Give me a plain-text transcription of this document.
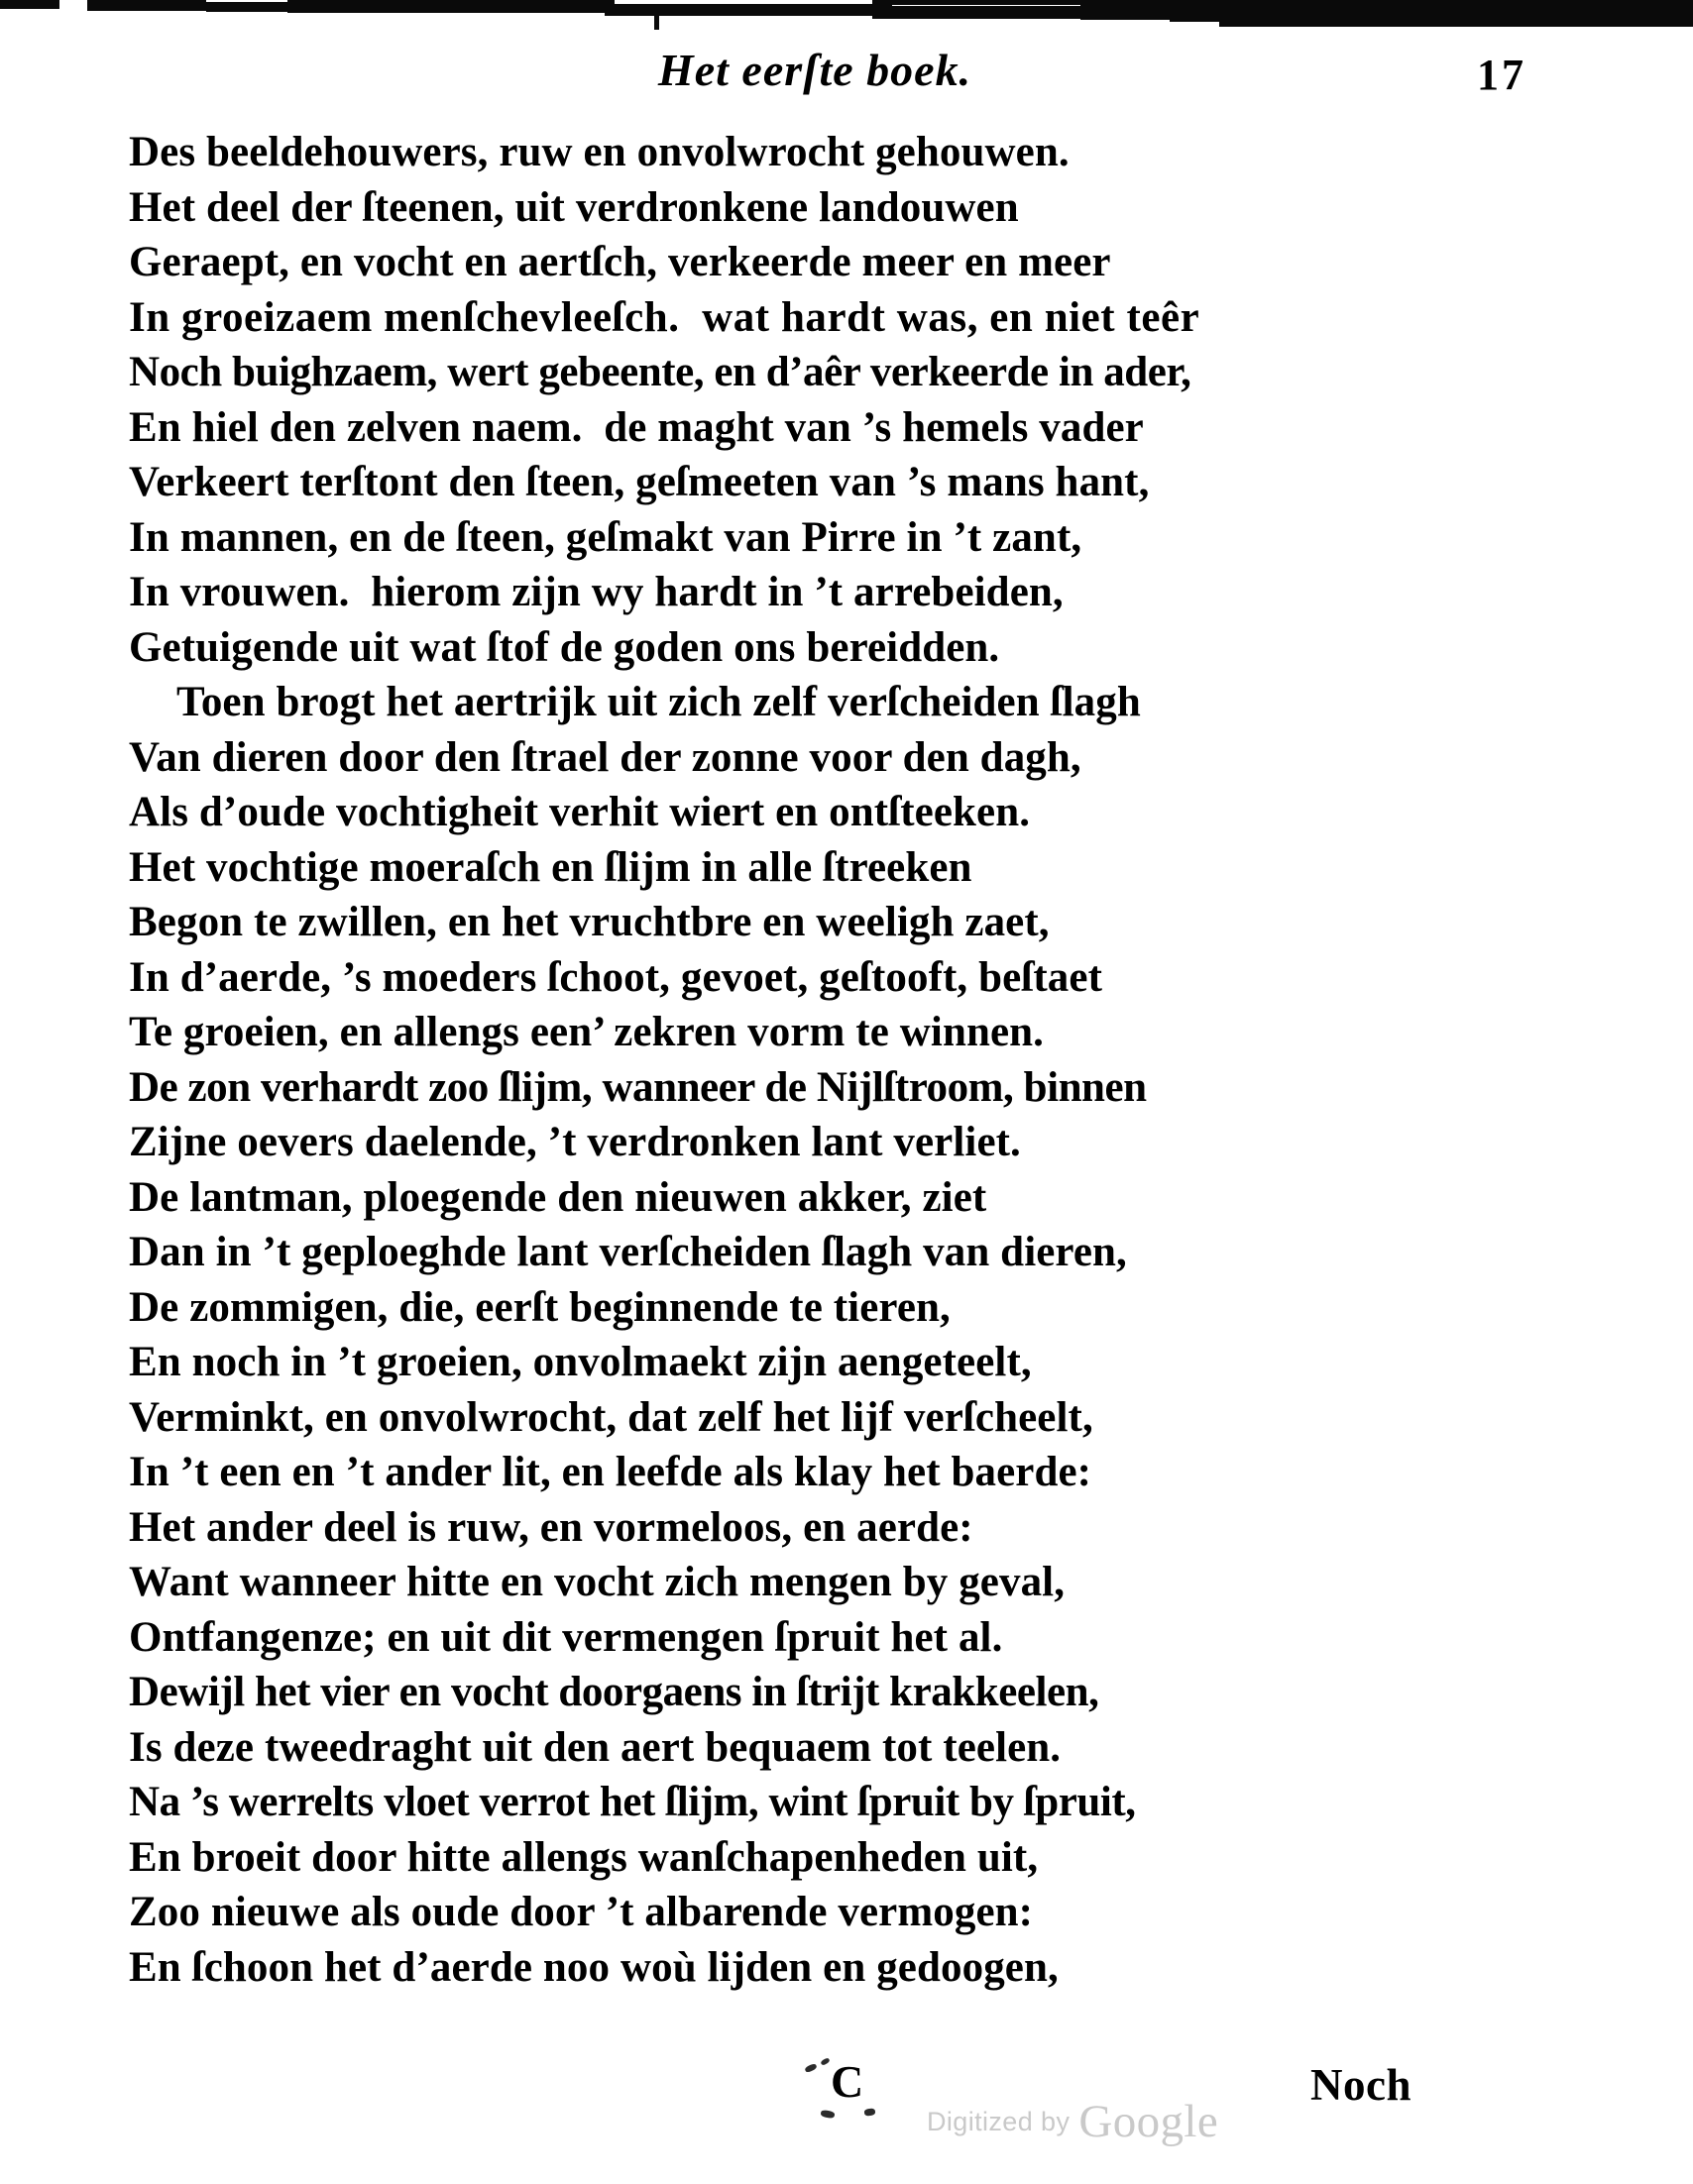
Het eerſte boek.	17
Des beeldehouwers, ruw en onvolwrocht gehouwen.
Het deel der ſteenen, uit verdronkene landouwen
Geraept, en vocht en aertſch, verkeerde meer en meer
In groeizaem menſchevleeſch.  wat hardt was, en niet teêr
Noch buighzaem, wert gebeente, en d’aêr verkeerde in ader,
En hiel den zelven naem.  de maght van ’s hemels vader
Verkeert terſtont den ſteen, geſmeeten van ’s mans hant,
In mannen, en de ſteen, geſmakt van Pirre in ’t zant,
In vrouwen.  hierom zijn wy hardt in ’t arrebeiden,
Getuigende uit wat ſtof de goden ons bereidden.
Toen brogt het aertrijk uit zich zelf verſcheiden ſlagh
Van dieren door den ſtrael der zonne voor den dagh,
Als d’oude vochtigheit verhit wiert en ontſteeken.
Het vochtige moeraſch en ſlijm in alle ſtreeken
Begon te zwillen, en het vruchtbre en weeligh zaet,
In d’aerde, ’s moeders ſchoot, gevoet, geſtooft, beſtaet
Te groeien, en allengs een’ zekren vorm te winnen.
De zon verhardt zoo ſlijm, wanneer de Nijlſtroom, binnen
Zijne oevers daelende, ’t verdronken lant verliet.
De lantman, ploegende den nieuwen akker, ziet
Dan in ’t geploeghde lant verſcheiden ſlagh van dieren,
De zommigen, die, eerſt beginnende te tieren,
En noch in ’t groeien, onvolmaekt zijn aengeteelt,
Verminkt, en onvolwrocht, dat zelf het lijf verſcheelt,
In ’t een en ’t ander lit, en leefde als klay het baerde:
Het ander deel is ruw, en vormeloos, en aerde:
Want wanneer hitte en vocht zich mengen by geval,
Ontfangenze; en uit dit vermengen ſpruit het al.
Dewijl het vier en vocht doorgaens in ſtrijt krakkeelen,
Is deze tweedraght uit den aert bequaem tot teelen.
Na ’s werrelts vloet verrot het ſlijm, wint ſpruit by ſpruit,
En broeit door hitte allengs wanſchapenheden uit,
Zoo nieuwe als oude door ’t albarende vermogen:
En ſchoon het d’aerde noo woù lijden en gedoogen,
C
Digitized by Google
Noch
